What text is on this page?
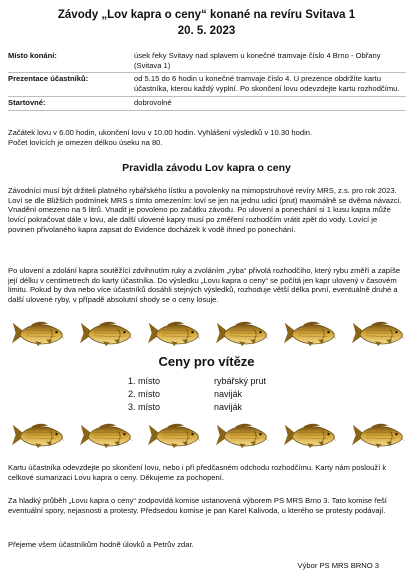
Závody „Lov kapra o ceny“ konané na revíru Svitava 1
20. 5. 2023
Místo konání:	úsek řeky Svitavy nad splavem u konečné tramvaje číslo 4 Brno - Obřany (Svitava 1)
Prezentace účastníků:	od 5.15 do 6 hodin u konečné tramvaje číslo 4. U prezence obdržíte kartu účastníka, kterou každý vyplní. Po skončení lovu odevzdejte kartu rozhodčímu.
Startovné:	dobrovolné

Začátek lovu v 6.00 hodin, ukončení lovu v 10.00 hodin. Vyhlášení výsledků v 10.30 hodin.
Počet lovících je omezen délkou úseku na 80.

Pravidla závodu Lov kapra o ceny

Závodníci musí být držiteli platného rybářského lístku a povolenky na mimopstruhové revíry MRS, z.s. pro rok 2023. Loví se dle Bližších podmínek MRS s tímto omezením: loví se jen na jednu udici (prut) maximálně se dvěma návazci. Vnadění omezeno na 5 litrů. Vnadit je povoleno po začátku závodu. Po ulovení a ponechání si 1 kusu kapra může lovící pokračovat dále v lovu, ale další ulovené kapry musí po změření rozhodčím vrátit zpět do vody. Lovící je povinen přivolaného kapra zapsat do Evidence docházek k vodě ihned po ponechání.

Po ulovení a zdolání kapra soutěžící zdvihnutím ruky a zvoláním „ryba“ přivolá rozhodčího, který rybu změří a zapíše její délku v centimetrech do karty účastníka. Do výsledku „Lovu kapra o ceny“ se počítá jen kapr ulovený v časovém limitu. Pokud by dva nebo více účastníků dosáhli stejných výsledků, rozhoduje větší délka první, eventuálně druhé a další ulovené ryby, v případě absolutní shody se o ceny losuje.

Ceny pro vítěze
1. místo	rybářský prut
2. místo	naviják
3. místo	naviják

Kartu účastníka odevzdejte po skončení lovu, nebo i při předčasném odchodu rozhodčímu. Karty nám poslouží k celkové sumarizaci Lovu kapra o ceny. Děkujeme za pochopení.

Za hladký průběh „Lovu kapra o ceny“ zodpovídá komise ustanovená výborem PS MRS Brno 3. Tato komise řeší eventuální spory, nejasnosti a protesty. Předsedou komise je pan Karel Kalivoda, u kterého se protesty podávají.

Přejeme všem účastníkům hodně úlovků a Petrův zdar.

Výbor PS MRS BRNO 3
